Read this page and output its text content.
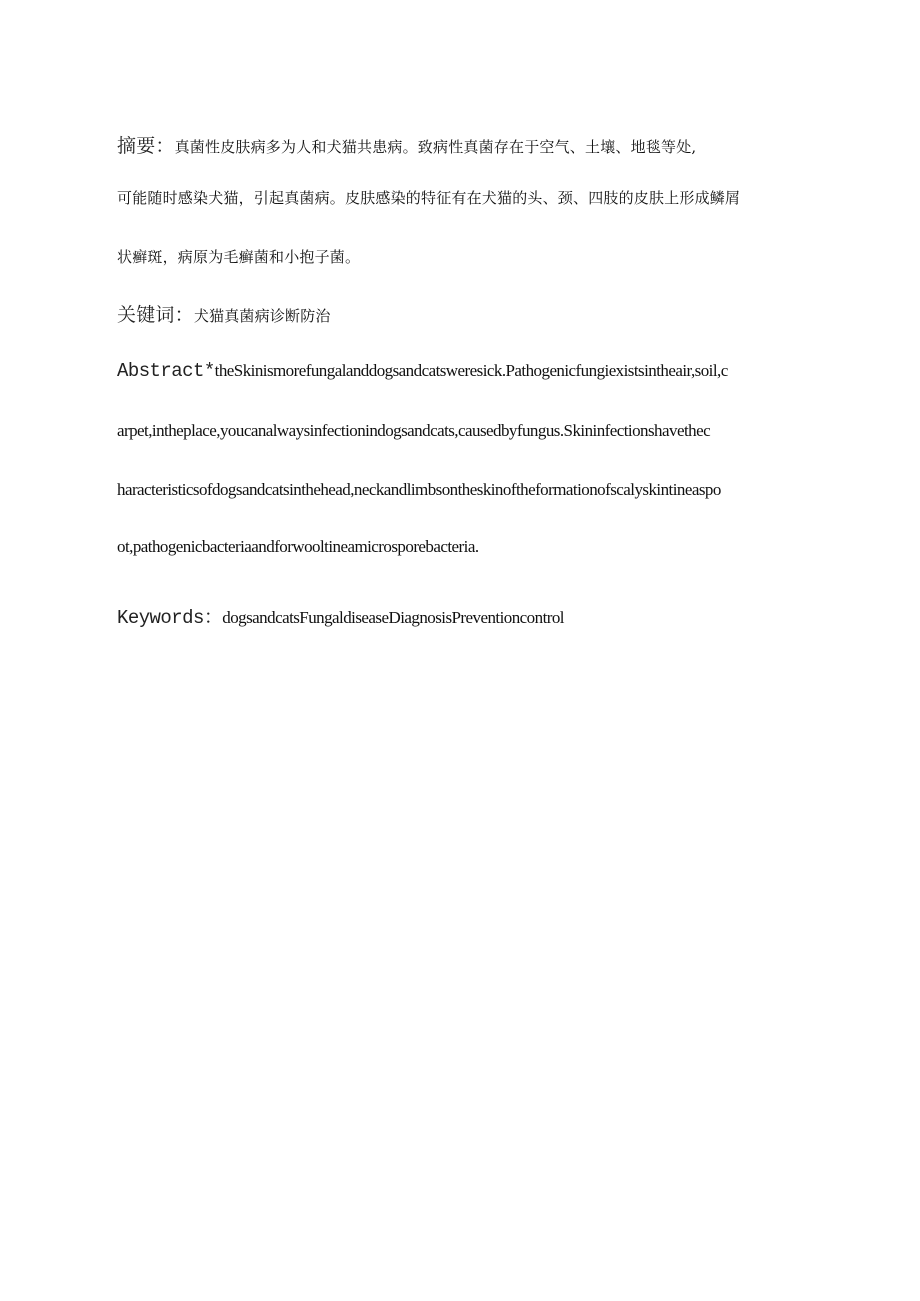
摘要：真菌性皮肤病多为人和犬猫共患病。致病性真菌存在于空气、土壤、地毯等处,
可能随时感染犬猫，引起真菌病。皮肤感染的特征有在犬猫的头、颈、四肢的皮肤上形成鳞屑
状癣斑，病原为毛癣菌和小抱子菌。
关键词：犬猫真菌病诊断防治
Abstract*theSkinismorefungalanddogsandcatsweresick.Pathogenicfungiexistsintheair,soil,c
arpet,intheplace,youcanalwaysinfectionindogsandcats,causedbyfungus.Skininfectionshavethec
haracteristicsofdogsandcatsinthehead,neckandlimbsontheskinoftheformationofscalyskintineaspo
ot,pathogenicbacteriaandforwooltineamicrosporebacteria.
Keywords：dogsandcatsFungaldiseaseDiagnosisPreventioncontrol
